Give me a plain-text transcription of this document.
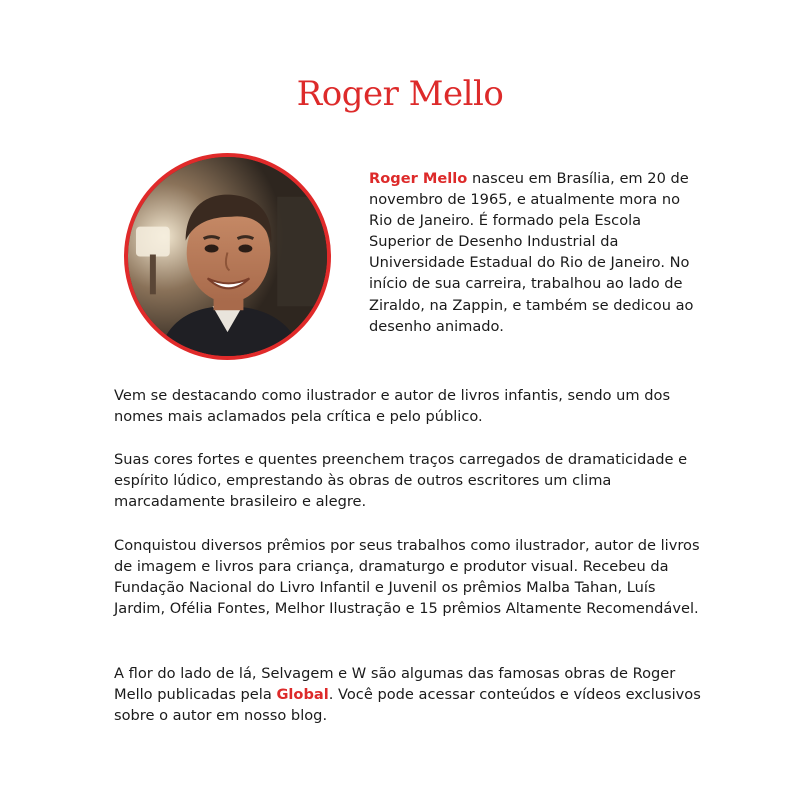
Roger Mello

Roger Mello nasceu em Brasília, em 20 de novembro de 1965, e atualmente mora no Rio de Janeiro. É formado pela Escola Superior de Desenho Industrial da Universidade Estadual do Rio de Janeiro. No início de sua carreira, trabalhou ao lado de Ziraldo, na Zappin, e também se dedicou ao desenho animado.

Vem se destacando como ilustrador e autor de livros infantis, sendo um dos nomes mais aclamados pela crítica e pelo público.

Suas cores fortes e quentes preenchem traços carregados de dramaticidade e espírito lúdico, emprestando às obras de outros escritores um clima marcadamente brasileiro e alegre.

Conquistou diversos prêmios por seus trabalhos como ilustrador, autor de livros de imagem e livros para criança, dramaturgo e produtor visual. Recebeu da Fundação Nacional do Livro Infantil e Juvenil os prêmios Malba Tahan, Luís Jardim, Ofélia Fontes, Melhor Ilustração e 15 prêmios Altamente Recomendável.

A flor do lado de lá, Selvagem e W são algumas das famosas obras de Roger Mello publicadas pela Global. Você pode acessar conteúdos e vídeos exclusivos sobre o autor em nosso blog.
